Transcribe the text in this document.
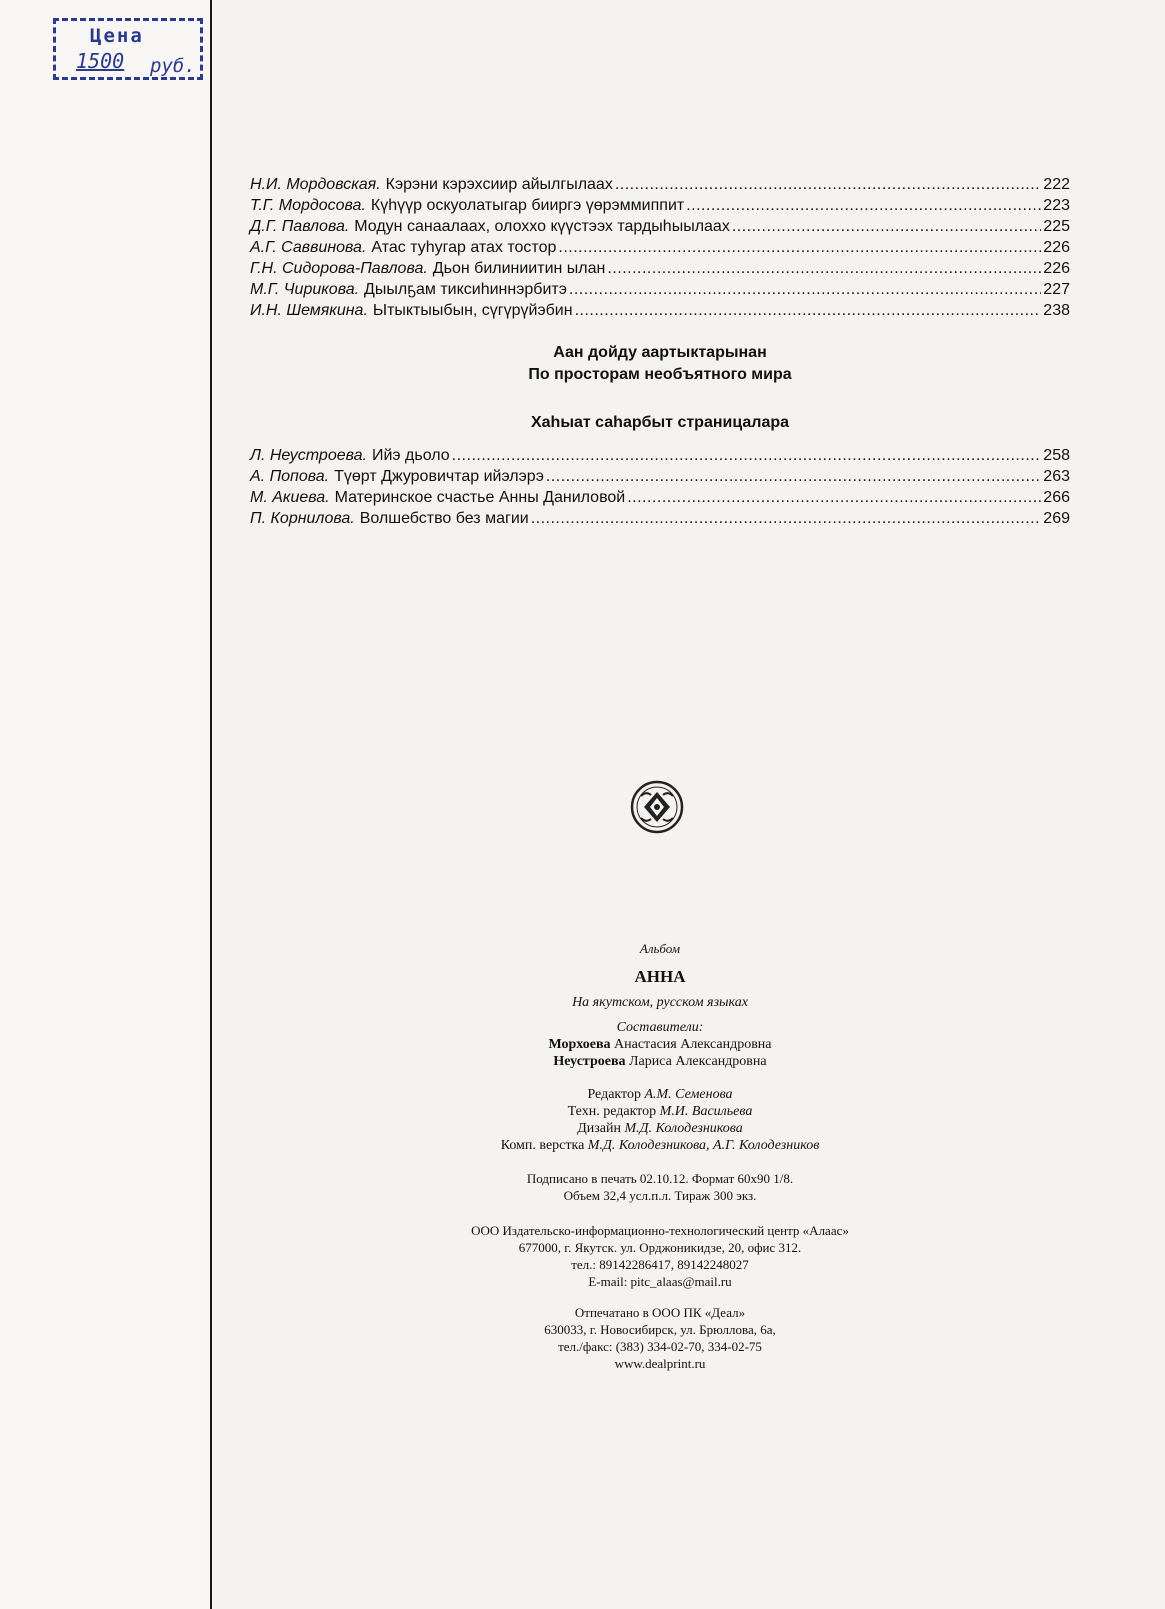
Цена
1500 руб.
Н.И. Мордовская. Кэрэни кэрэхсиир айылгылаах .....	222
Т.Г. Мордосова. Күһүүр оскуолатыгар бииргэ үөрэммиппит .....	223
Д.Г. Павлова. Модун санаалаах, олоххо күүстээх тардыһыылаах .....	225
А.Г. Саввинова. Атас туһугар атах тостор .....	226
Г.Н. Сидорова-Павлова. Дьон билиниитин ылан .....	226
М.Г. Чирикова. Дыылҕам тиксиһиннэрбитэ .....	227
И.Н. Шемякина. Ытыктыыбын, сүгүрүйэбин .....	238
Аан дойду аартыктарынан
По просторам необъятного мира
Хаһыат саһарбыт страницалара
Л. Неустроева. Ийэ дьоло .....	258
А. Попова. Түөрт Джуровичтар ийэлэрэ .....	263
М. Акиева. Материнское счастье Анны Даниловой .....	266
П. Корнилова. Волшебство без магии .....	269
Альбом
АННА
На якутском, русском языках
Составители:
Морхоева Анастасия Александровна
Неустроева Лариса Александровна
Редактор А.М. Семенова
Техн. редактор М.И. Васильева
Дизайн М.Д. Колодезникова
Комп. верстка М.Д. Колодезникова, А.Г. Колодезников
Подписано в печать 02.10.12. Формат 60х90 1/8.
Объем 32,4 усл.п.л. Тираж 300 экз.
ООО Издательско-информационно-технологический центр «Алаас»
677000, г. Якутск. ул. Орджоникидзе, 20, офис 312.
тел.: 89142286417, 89142248027
E-mail: pitc_alaas@mail.ru
Отпечатано в ООО ПК «Деал»
630033, г. Новосибирск, ул. Брюллова, 6а,
тел./факс: (383) 334-02-70, 334-02-75
www.dealprint.ru
